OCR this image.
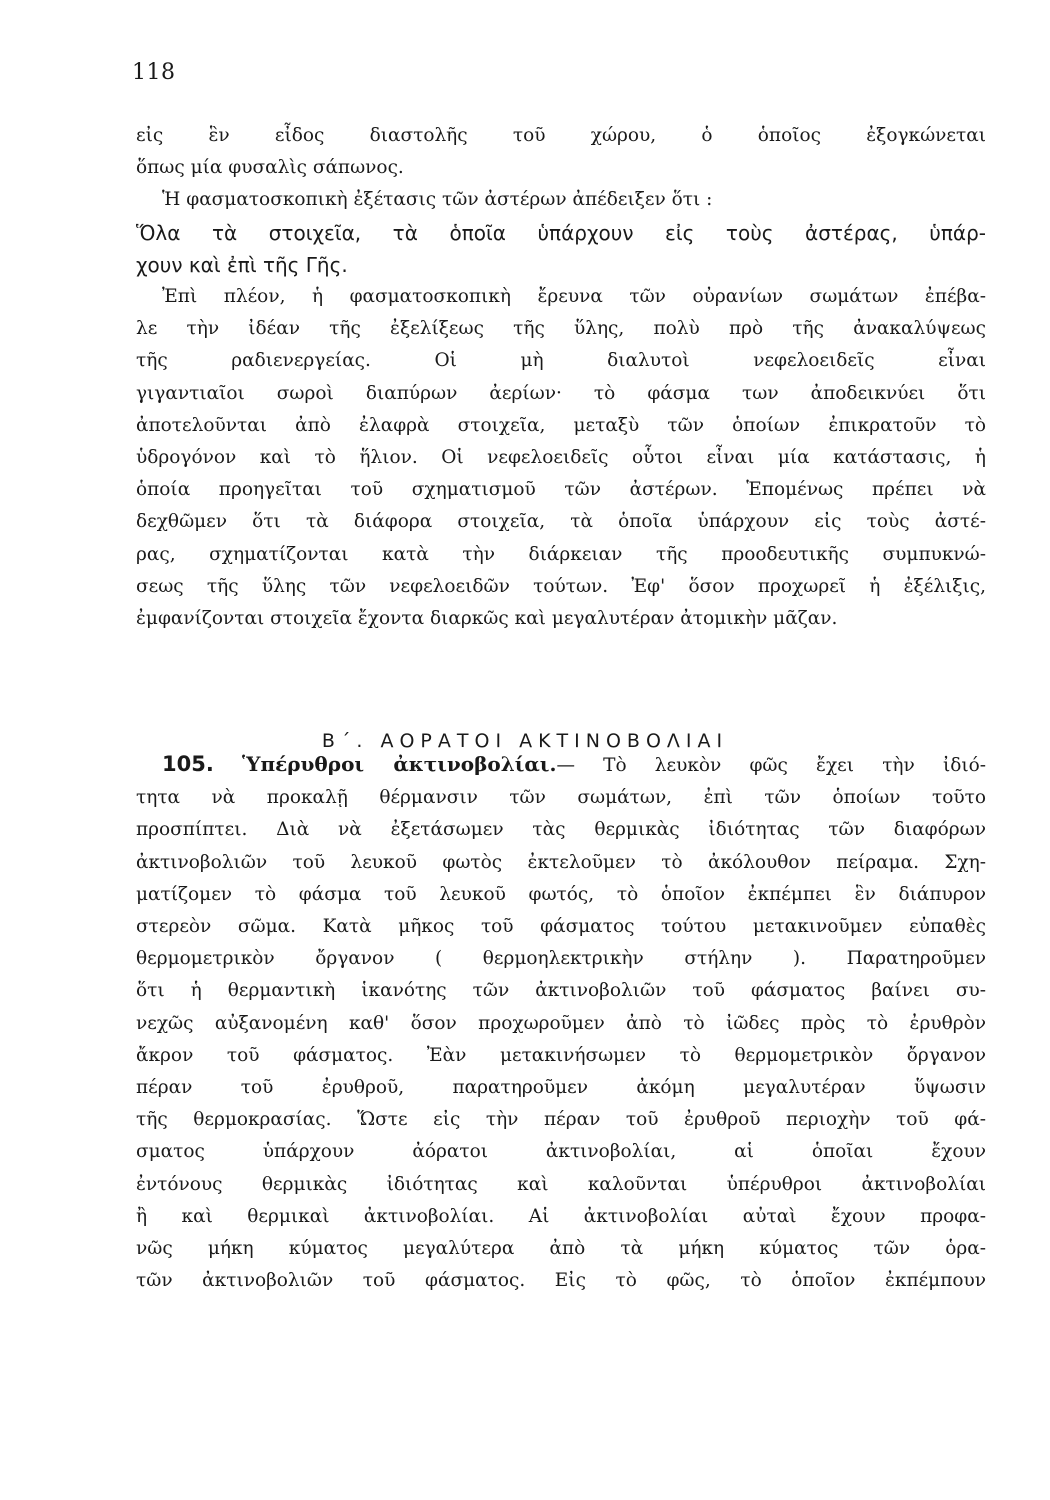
118
εἰς ἓν εἶδος διαστολῆς τοῦ χώρου, ὁ ὁποῖος ἐξογκώνεται
ὅπως μία φυσαλὶς σάπωνος.
Ἡ φασματοσκοπικὴ ἐξέτασις τῶν ἀστέρων ἀπέδειξεν ὅτι :
Ὅλα τὰ στοιχεῖα, τὰ ὁποῖα ὑπάρχουν εἰς τοὺς ἀστέρας, ὑπάρ-
χουν καὶ ἐπὶ τῆς Γῆς.
Ἐπὶ πλέον, ἡ φασματοσκοπικὴ ἔρευνα τῶν οὐρανίων σωμάτων ἐπέβα-
λε τὴν ἰδέαν τῆς ἐξελίξεως τῆς ὕλης, πολὺ πρὸ τῆς ἀνακαλύψεως
τῆς ραδιενεργείας. Οἱ μὴ διαλυτοὶ νεφελοειδεῖς εἶναι
γιγαντιαῖοι σωροὶ διαπύρων ἀερίων· τὸ φάσμα των ἀποδεικνύει ὅτι
ἀποτελοῦνται ἀπὸ ἐλαφρὰ στοιχεῖα, μεταξὺ τῶν ὁποίων ἐπικρατοῦν τὸ
ὑδρογόνον καὶ τὸ ἥλιον. Οἱ νεφελοειδεῖς οὗτοι εἶναι μία κατάστασις, ἡ
ὁποία προηγεῖται τοῦ σχηματισμοῦ τῶν ἀστέρων. Ἑπομένως πρέπει νὰ
δεχθῶμεν ὅτι τὰ διάφορα στοιχεῖα, τὰ ὁποῖα ὑπάρχουν εἰς τοὺς ἀστέ-
ρας, σχηματίζονται κατὰ τὴν διάρκειαν τῆς προοδευτικῆς συμπυκνώ-
σεως τῆς ὕλης τῶν νεφελοειδῶν τούτων. Ἐφ' ὅσον προχωρεῖ ἡ ἐξέλιξις,
ἐμφανίζονται στοιχεῖα ἔχοντα διαρκῶς καὶ μεγαλυτέραν ἀτομικὴν μᾶζαν.
Β΄. ΑΟΡΑΤΟΙ ΑΚΤΙΝΟΒΟΛΙΑΙ
105. Ὑπέρυθροι ἀκτινοβολίαι.— Τὸ λευκὸν φῶς ἔχει τὴν ἰδιό-
τητα νὰ προκαλῇ θέρμανσιν τῶν σωμάτων, ἐπὶ τῶν ὁποίων τοῦτο
προσπίπτει. Διὰ νὰ ἐξετάσωμεν τὰς θερμικὰς ἰδιότητας τῶν διαφόρων
ἀκτινοβολιῶν τοῦ λευκοῦ φωτὸς ἐκτελοῦμεν τὸ ἀκόλουθον πείραμα. Σχη-
ματίζομεν τὸ φάσμα τοῦ λευκοῦ φωτός, τὸ ὁποῖον ἐκπέμπει ἓν διάπυρον
στερεὸν σῶμα. Κατὰ μῆκος τοῦ φάσματος τούτου μετακινοῦμεν εὐπαθὲς
θερμομετρικὸν ὄργανον ( θερμοηλεκτρικὴν στήλην ). Παρατηροῦμεν
ὅτι ἡ θερμαντικὴ ἱκανότης τῶν ἀκτινοβολιῶν τοῦ φάσματος βαίνει συ-
νεχῶς αὐξανομένη καθ' ὅσον προχωροῦμεν ἀπὸ τὸ ἰῶδες πρὸς τὸ ἐρυθρὸν
ἄκρον τοῦ φάσματος. Ἐὰν μετακινήσωμεν τὸ θερμομετρικὸν ὄργανον
πέραν τοῦ ἐρυθροῦ, παρατηροῦμεν ἀκόμη μεγαλυτέραν ὕψωσιν
τῆς θερμοκρασίας. Ὥστε εἰς τὴν πέραν τοῦ ἐρυθροῦ περιοχὴν τοῦ φά-
σματος ὑπάρχουν ἀόρατοι ἀκτινοβολίαι, αἱ ὁποῖαι ἔχουν
ἐντόνους θερμικὰς ἰδιότητας καὶ καλοῦνται ὑπέρυθροι ἀκτινοβολίαι
ἢ καὶ θερμικαὶ ἀκτινοβολίαι. Αἱ ἀκτινοβολίαι αὐταὶ ἔχουν προφα-
νῶς μήκη κύματος μεγαλύτερα ἀπὸ τὰ μήκη κύματος τῶν ὁρα-
τῶν ἀκτινοβολιῶν τοῦ φάσματος. Εἰς τὸ φῶς, τὸ ὁποῖον ἐκπέμπουν
